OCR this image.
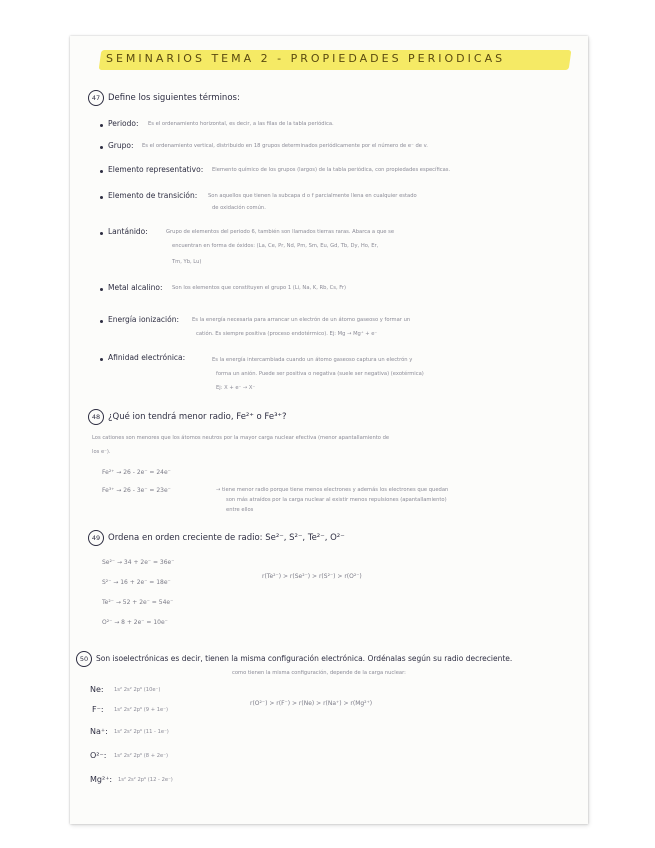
SEMINARIOS TEMA 2 - PROPIEDADES PERIODICAS
47 Define los siguientes términos:
Periodo: Es el ordenamiento horizontal, es decir, a las filas de la tabla periódica.
Grupo: Es el ordenamiento vertical, distribuido en 18 grupos determinados periódicamente por el número de e⁻ de v.
Elemento representativo: Elemento químico de los grupos (largos) de la tabla periódica, con propiedades específicas.
Elemento de transición: Son aquellos que tienen la subcapa d o f parcialmente llena en cualquier estado
de oxidación común.
Lantánido:	Grupo de elementos del periodo 6, también son llamados tierras raras. Abarca a que se
encuentran en forma de óxidos: (La, Ce, Pr, Nd, Pm, Sm, Eu, Gd, Tb, Dy, Ho, Er,
Tm, Yb, Lu)
Metal alcalino: Son los elementos que constituyen el grupo 1 (Li, Na, K, Rb, Cs, Fr)
Energía ionización: Es la energía necesaria para arrancar un electrón de un átomo gaseoso y formar un
catión. Es siempre positiva (proceso endotérmico). Ej: Mg → Mg⁺ + e⁻
Afinidad electrónica:	Es la energía intercambiada cuando un átomo gaseoso captura un electrón y
forma un anión. Puede ser positiva o negativa (suele ser negativa) (exotérmica)
Ej: X + e⁻ → X⁻
48 ¿Qué ion tendrá menor radio, Fe²⁺ o Fe³⁺?
Los cationes son menores que los átomos neutros por la mayor carga nuclear efectiva (menor apantallamiento de
los e⁻).
Fe²⁺ → 26 - 2e⁻ = 24e⁻
Fe³⁺ → 26 - 3e⁻ = 23e⁻	→ tiene menor radio porque tiene menos electrones y además los electrones que quedan
son más atraídos por la carga nuclear al existir menos repulsiones (apantallamiento)
entre ellos
49 Ordena en orden creciente de radio: Se²⁻, S²⁻, Te²⁻, O²⁻
Se²⁻ → 34 + 2e⁻ = 36e⁻
S²⁻ → 16 + 2e⁻ = 18e⁻
Te²⁻ → 52 + 2e⁻ = 54e⁻
O²⁻ → 8 + 2e⁻ = 10e⁻
r(Te²⁻) > r(Se²⁻) > r(S²⁻) > r(O²⁻)
50	Son isoelectrónicas es decir, tienen la misma configuración electrónica. Ordénalas según su radio decreciente.
como tienen la misma configuración, depende de la carga nuclear:
Ne: 1s² 2s² 2p⁶ (10e⁻)
F⁻: 1s² 2s² 2p⁶ (9 + 1e⁻)
Na⁺: 1s² 2s² 2p⁶ (11 - 1e⁻)
O²⁻: 1s² 2s² 2p⁶ (8 + 2e⁻)
Mg²⁺: 1s² 2s² 2p⁶ (12 - 2e⁻)
r(O²⁻) > r(F⁻) > r(Ne) > r(Na⁺) > r(Mg²⁺)
